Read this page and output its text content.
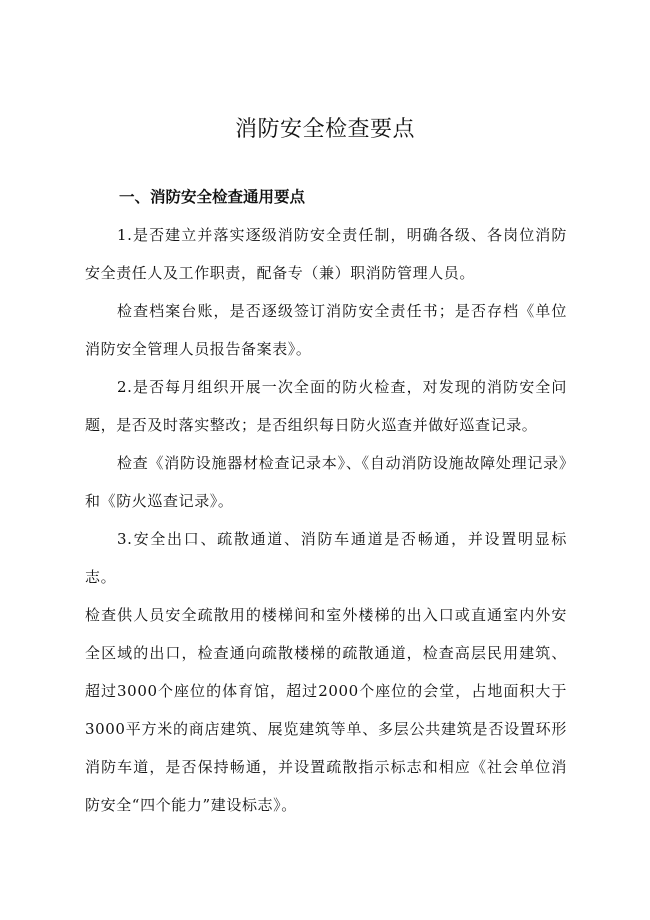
消防安全检查要点

一、消防安全检查通用要点

1.是否建立并落实逐级消防安全责任制，明确各级、各岗位消防安全责任人及工作职责，配备专（兼）职消防管理人员。

检查档案台账，是否逐级签订消防安全责任书；是否存档《单位消防安全管理人员报告备案表》。

2.是否每月组织开展一次全面的防火检查，对发现的消防安全问题，是否及时落实整改；是否组织每日防火巡查并做好巡查记录。

检查《消防设施器材检查记录本》、《自动消防设施故障处理记录》和《防火巡查记录》。

3.安全出口、疏散通道、消防车通道是否畅通，并设置明显标志。

检查供人员安全疏散用的楼梯间和室外楼梯的出入口或直通室内外安全区域的出口，检查通向疏散楼梯的疏散通道，检查高层民用建筑、超过3000个座位的体育馆，超过2000个座位的会堂，占地面积大于3000平方米的商店建筑、展览建筑等单、多层公共建筑是否设置环形消防车道，是否保持畅通，并设置疏散指示标志和相应《社会单位消防安全“四个能力”建设标志》。
